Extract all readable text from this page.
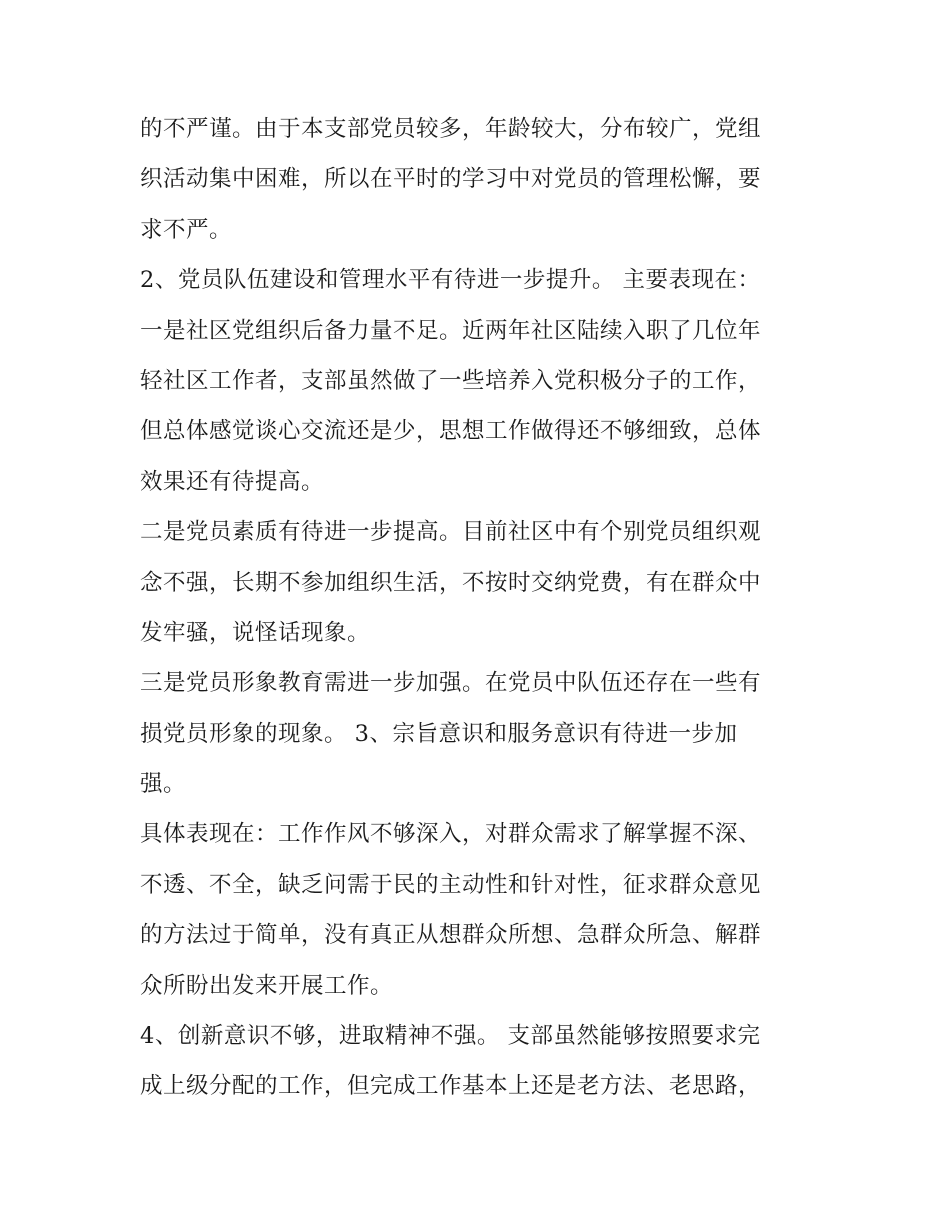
的不严谨。由于本支部党员较多，年龄较大，分布较广，党组
织活动集中困难，所以在平时的学习中对党员的管理松懈，要
求不严。
2、党员队伍建设和管理水平有待进一步提升。 主要表现在：
一是社区党组织后备力量不足。近两年社区陆续入职了几位年
轻社区工作者，支部虽然做了一些培养入党积极分子的工作，
但总体感觉谈心交流还是少，思想工作做得还不够细致，总体
效果还有待提高。
二是党员素质有待进一步提高。目前社区中有个别党员组织观
念不强，长期不参加组织生活，不按时交纳党费，有在群众中
发牢骚，说怪话现象。
三是党员形象教育需进一步加强。在党员中队伍还存在一些有
损党员形象的现象。 3、宗旨意识和服务意识有待进一步加
强。
具体表现在：工作作风不够深入，对群众需求了解掌握不深、
不透、不全，缺乏问需于民的主动性和针对性，征求群众意见
的方法过于简单，没有真正从想群众所想、急群众所急、解群
众所盼出发来开展工作。
4、创新意识不够，进取精神不强。 支部虽然能够按照要求完
成上级分配的工作，但完成工作基本上还是老方法、老思路，
